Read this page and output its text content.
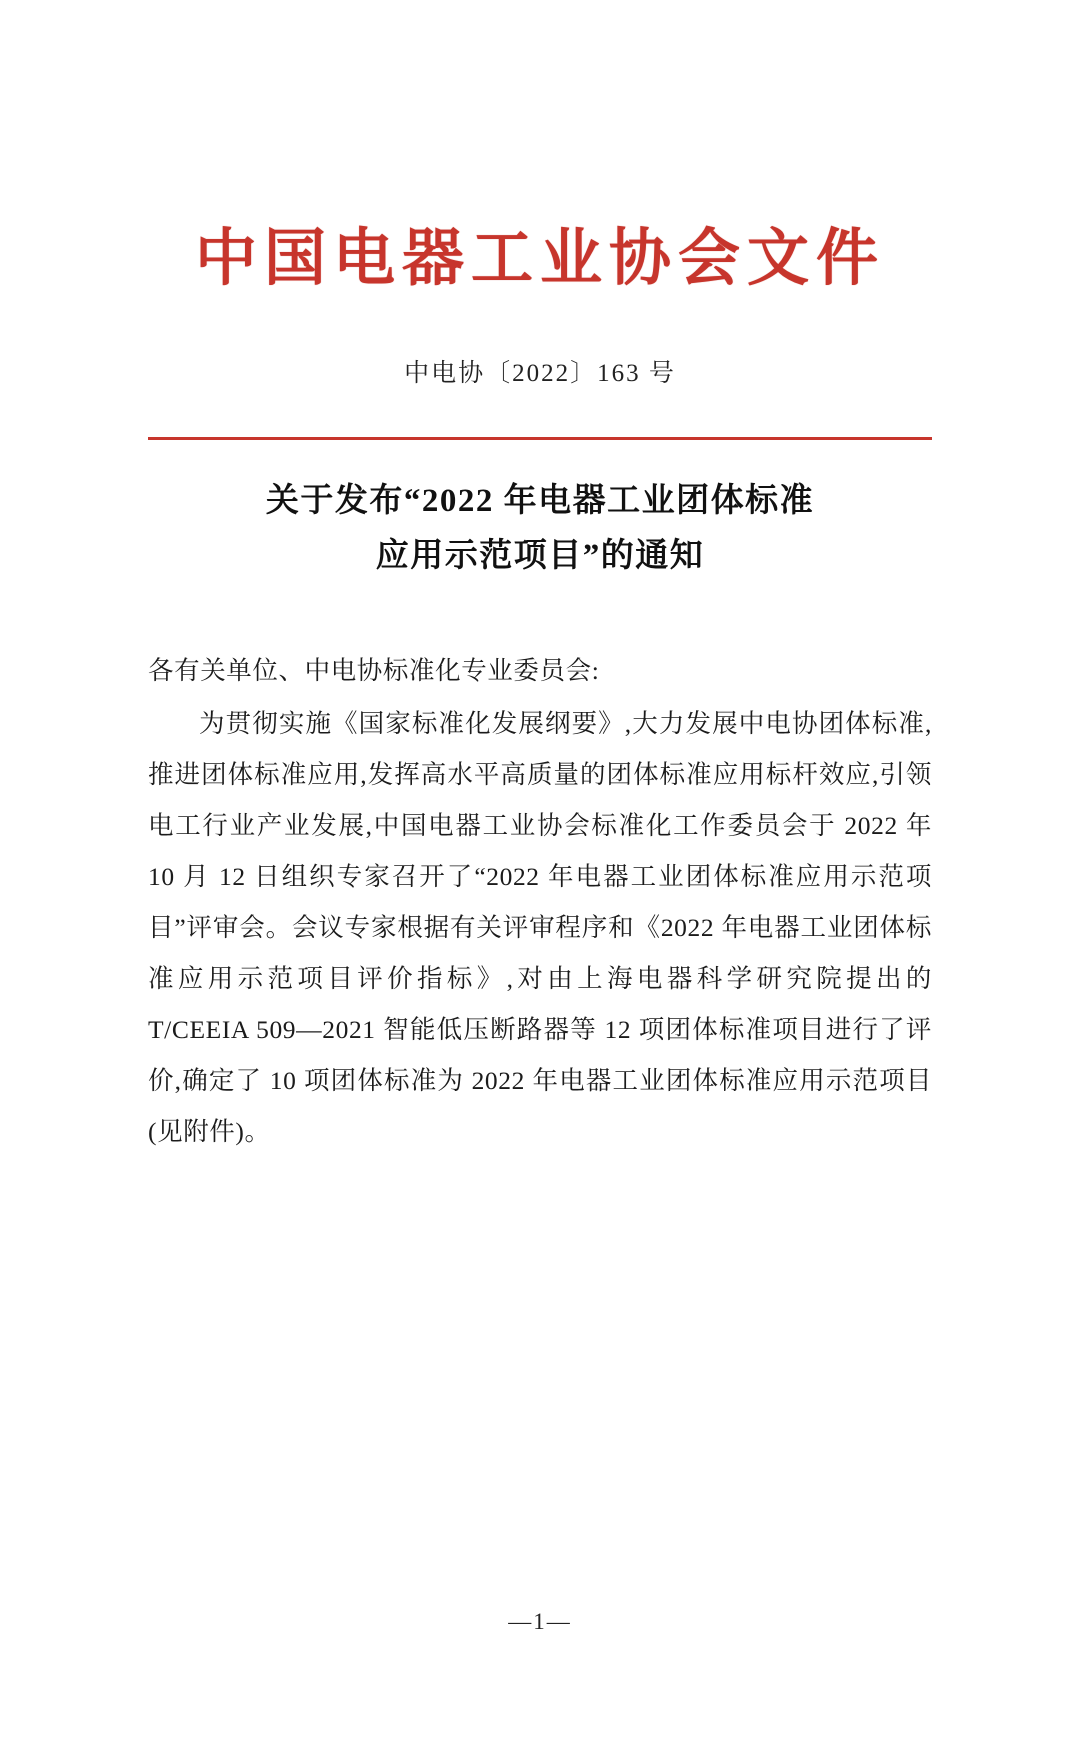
中国电器工业协会文件
中电协〔2022〕163 号
关于发布“2022 年电器工业团体标准
应用示范项目”的通知

各有关单位、中电协标准化专业委员会:

为贯彻实施《国家标准化发展纲要》,大力发展中电协团体标准,推进团体标准应用,发挥高水平高质量的团体标准应用标杆效应,引领电工行业产业发展,中国电器工业协会标准化工作委员会于 2022 年 10 月 12 日组织专家召开了“2022 年电器工业团体标准应用示范项目”评审会。会议专家根据有关评审程序和《2022 年电器工业团体标准应用示范项目评价指标》,对由上海电器科学研究院提出的 T/CEEIA 509—2021 智能低压断路器等 12 项团体标准项目进行了评价,确定了 10 项团体标准为 2022 年电器工业团体标准应用示范项目(见附件)。

—1—
